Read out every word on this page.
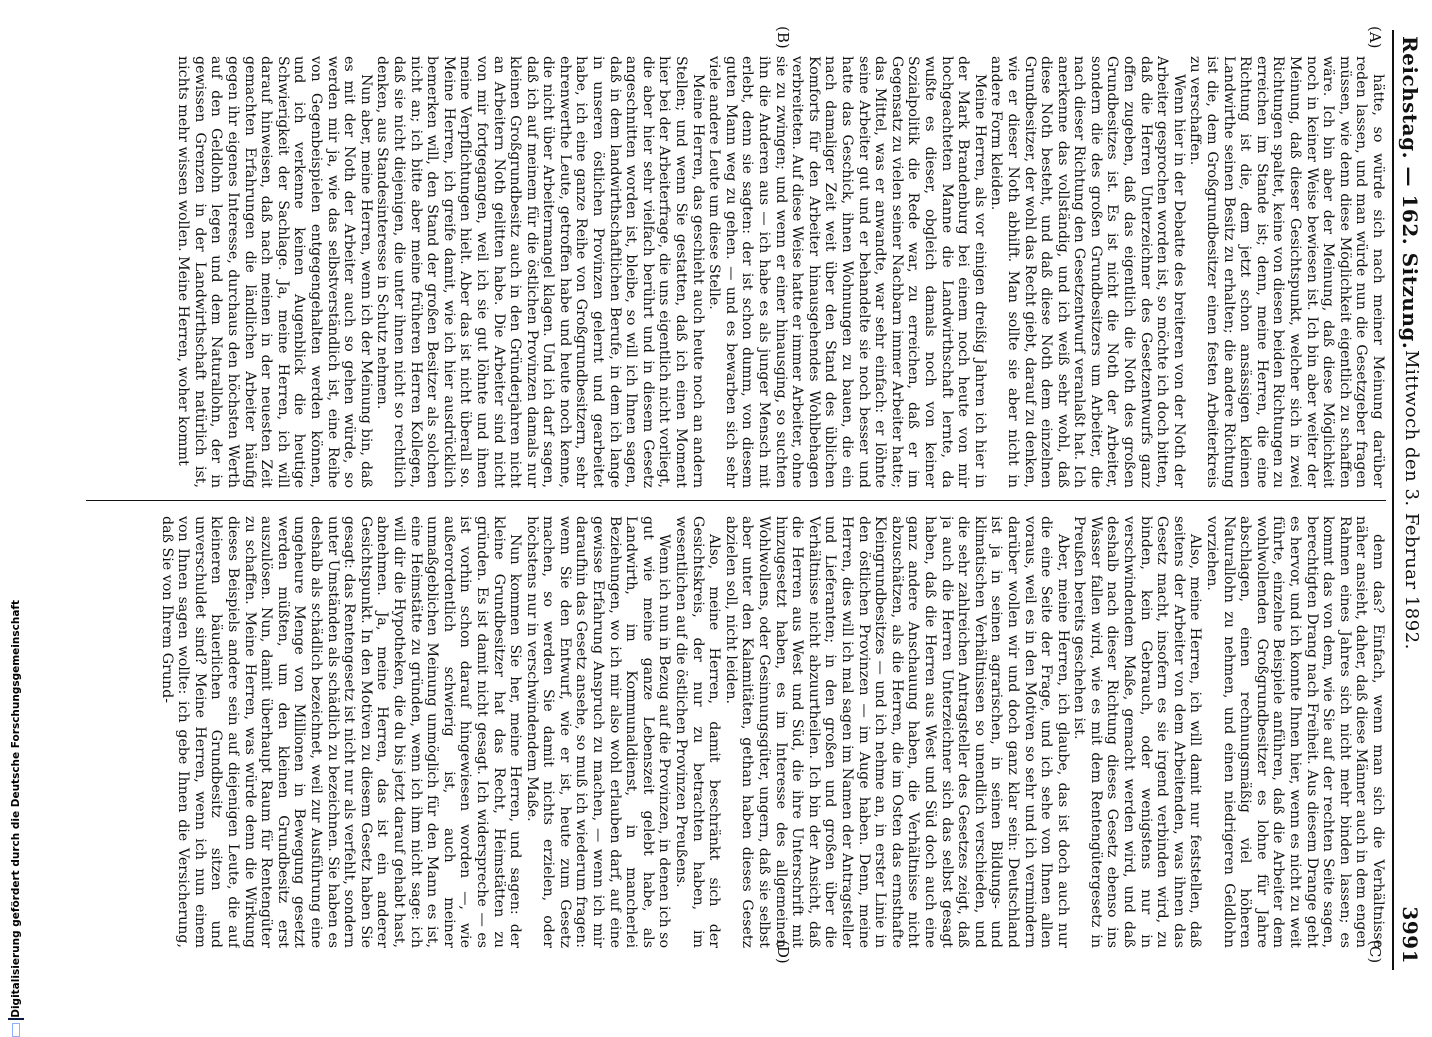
Reichstag. — 162. Sitzung.
Mittwoch den 3. Februar 1892.
3991
(A)
(B)
(C)
(D)

hätte, so würde sich nach meiner Meinung darüber reden lassen, und man würde nun die Gesetzgeber fragen müssen, wie denn diese Möglichkeit eigentlich zu schaffen wäre. Ich bin aber der Meinung, daß diese Möglichkeit noch in keiner Weise bewiesen ist. Ich bin aber weiter der Meinung, daß dieser Gesichtspunkt, welcher sich in zwei Richtungen spaltet, keine von diesen beiden Richtungen zu erreichen im Stande ist; denn, meine Herren, die eine Richtung ist die, dem jetzt schon ansässigen kleinen Landwirthe seinen Besitz zu erhalten; die andere Richtung ist die, dem Großgrundbesitzer einen festen Arbeiterkreis zu verschaffen.

Wenn hier in der Debatte des breiteren von der Noth der Arbeiter gesprochen worden ist, so möchte ich doch bitten, daß die Herren Unterzeichner des Gesetzentwurfs ganz offen zugeben, daß das eigentlich die Noth des großen Grundbesitzes ist. Es ist nicht die Noth der Arbeiter, sondern die des großen Grundbesitzers um Arbeiter, die nach dieser Richtung den Gesetzentwurf veranlaßt hat. Ich anerkenne das vollständig, und ich weiß sehr wohl, daß diese Noth besteht, und daß diese Noth dem einzelnen Grundbesitzer, der wohl das Recht giebt, darauf zu denken, wie er dieser Noth abhilft. Man sollte sie aber nicht in andere Form kleiden.

Meine Herren, als vor einigen dreißig Jahren ich hier in der Mark Brandenburg bei einem noch heute von mir hochgeachteten Manne die Landwirthschaft lernte, da wußte es dieser, obgleich damals noch von keiner Sozialpolitik die Rede war, zu erreichen, daß er im Gegensatz zu vielen seiner Nachbarn immer Arbeiter hatte; das Mittel, was er anwandte, war sehr einfach: er löhnte seine Arbeiter gut und er behandelte sie noch besser und hatte das Geschick, ihnen Wohnungen zu bauen, die ein nach damaliger Zeit weit über den Stand des üblichen Komforts für den Arbeiter hinausgehendes Wohlbehagen verbreiteten. Auf diese Weise hatte er immer Arbeiter, ohne sie zu zwingen; und wenn er einer hinausging, so suchten ihn die Anderen aus — ich habe es als junger Mensch mit erlebt, denn sie sagten: der ist schon dumm, von diesem guten Mann weg zu gehen. — und es bewarben sich sehr viele andere Leute um diese Stelle.

Meine Herren, das geschieht auch heute noch an andern Stellen; und wenn Sie gestatten, daß ich einen Moment hier bei der Arbeiterfrage, die uns eigentlich nicht vorliegt, die aber hier sehr vielfach berührt und in diesem Gesetz angeschnitten worden ist, bleibe, so will ich Ihnen sagen, daß in dem landwirthschaftlichen Berufe, in dem ich lange in unseren östlichen Provinzen gelernt und gearbeitet habe, ich eine ganze Reihe von Großgrundbesitzern, sehr ehrenwerthe Leute, getroffen habe und heute noch kenne, die nicht über Arbeitermangel klagen. Und ich darf sagen, daß ich auf meinem für die östlichen Provinzen damals nur kleinen Großgrundbesitz auch in den Gründerjahren nicht an Arbeitern Noth gelitten habe. Die Arbeiter sind nicht von mir fortgegangen, weil ich sie gut löhnte und ihnen meine Verpflichtungen hielt. Aber das ist nicht überall so. Meine Herren, ich greife damit, wie ich hier ausdrücklich bemerken will, den Stand der großen Besitzer als solchen nicht an; ich bitte aber meine früheren Herren Kollegen, daß sie nicht diejenigen, die unter ihnen nicht so rechtlich denken, aus Standesinteresse in Schutz nehmen.

Nun aber, meine Herren, wenn ich der Meinung bin, daß es mit der Noth der Arbeiter auch so gehen würde, so werden mir ja, wie das selbstverständlich ist, eine Reihe von Gegenbeispielen entgegengehalten werden können, und ich verkenne keinen Augenblick die heutige Schwierigkeit der Sachlage. Ja, meine Herren, ich will darauf hinweisen, daß nach meinen in der neuesten Zeit gemachten Erfahrungen die ländlichen Arbeiter häufig gegen ihr eigenes Interesse, durchaus den höchsten Werth auf den Geldlohn legen und dem Naturallohn, der in gewissen Grenzen in der Landwirthschaft natürlich ist, nichts mehr wissen wollen. Meine Herren, woher kommt

denn das? Einfach, wenn man sich die Verhältnisse näher ansieht, daher, daß diese Männer auch in dem engen Rahmen eines Jahres sich nicht mehr binden lassen; es kommt das von dem, wie Sie auf der rechten Seite sagen, berechtigten Drang nach Freiheit. Aus diesem Drange geht es hervor, und ich konnte Ihnen hier, wenn es nicht zu weit führte, einzelne Beispiele anführen, daß die Arbeiter dem wohlwollenden Großgrundbesitzer es lohne für Jahre abschlagen, einen rechnungsmäßig viel höheren Naturallohn zu nehmen, und einen niedrigeren Geldlohn vorziehen.

Also, meine Herren, ich will damit nur feststellen, daß seitens der Arbeiter von dem Arbeitenden, was ihnen das Gesetz macht, insofern es sie irgend verbinden wird, zu binden, kein Gebrauch, oder wenigstens nur in verschwindendem Maße, gemacht werden wird, und daß deshalb nach dieser Richtung dieses Gesetz ebenso ins Wasser fallen wird, wie es mit dem Rentengütergesetz in Preußen bereits geschehen ist.

Aber, meine Herren, ich glaube, das ist doch auch nur die eine Seite der Frage, und ich sehe von Ihnen allen voraus, weil es in den Motiven so sehr und ich vermindern darüber wollen wir und doch ganz klar sein: Deutschland ist ja in seinen agrarischen, in seinen Bildungs- und klimatischen Verhältnissen so unendlich verschieden, und die sehr zahlreichen Antragsteller des Gesetzes zeigt, daß ja auch die Herren Unterzeichner sich das selbst gesagt haben, daß die Herren aus West und Süd doch auch eine ganz andere Anschauung haben, die Verhältnisse nicht abzuschätzen, als die Herren, die im Osten das ernsthafte Kleingrundbesitzes — und ich nehme an, in erster Linie in den östlichen Provinzen — im Auge haben. Denn, meine Herren, dies will ich mal sagen im Namen der Antragsteller und Lieferanten; in den großen und großen über die Verhältnisse nicht abzuurtheilen. Ich bin der Ansicht, daß die Herren aus West und Süd, die ihre Unterschrift mit hinzugesetzt haben, es im Interesse des allgemeinen Wohlwollens, oder Gesinnungsgüter, ungern, daß sie selbst aber unter den Kalamitäten, gethan haben dieses Gesetz abzielen soll, nicht leiden.

Also, meine Herren, damit beschränkt sich der Gesichtskreis, der nur zu betrachten haben, im wesentlichen auf die östlichen Provinzen Preußens.

Wenn ich nun in Bezug auf die Provinzen, in denen ich so gut wie meine ganze Lebenszeit gelebt habe, als Landwirth, im Kommunaldienst, in mancherlei Beziehungen, wo ich mir also wohl erlauben darf, auf eine gewisse Erfahrung Anspruch zu machen, — wenn ich mir daraufhin das Gesetz ansehe, so muß ich wiederum fragen: wenn Sie den Entwurf, wie er ist, heute zum Gesetz machen, so werden Sie damit nichts erzielen, oder höchstens nur in verschwindendem Maße.

Nun kommen Sie her, meine Herren, und sagen: der kleine Grundbesitzer hat das Recht, Heimstätten zu gründen. Es ist damit nicht gesagt. Ich widerspreche — es ist vorhin schon darauf hingewiesen worden —, wie außerordentlich schwierig ist, auch meiner unmaßgeblichen Meinung unmöglich für den Mann es ist, eine Heimstätte zu gründen, wenn ich ihm nicht sage: ich will dir die Hypotheken, die du bis jetzt darauf gehabt hast, abnehmen. Ja, meine Herren, das ist ein anderer Gesichtspunkt. In den Motiven zu diesem Gesetz haben Sie gesagt: das Rentengesetz ist nicht nur als verfehlt, sondern unter Umständen als schädlich zu bezeichnen. Sie haben es deshalb als schädlich bezeichnet, weil zur Ausführung eine ungeheure Menge von Millionen in Bewegung gesetzt werden müßten, um den kleinen Grundbesitz erst auszulösen. Nun, damit überhaupt Raum für Rentengüter zu schaffen. Meine Herren, was würde denn die Wirkung dieses Beispiels andere sein auf diejenigen Leute, die auf kleineren bäuerlichen Grundbesitz sitzen und unverschuldet sind? Meine Herren, wenn ich nun einem von Ihnen sagen wollte: ich gebe Ihnen die Versicherung, daß Sie von Ihrem Grund-

Digitalisierung gefördert durch die Deutsche Forschungsgemeinschaft
